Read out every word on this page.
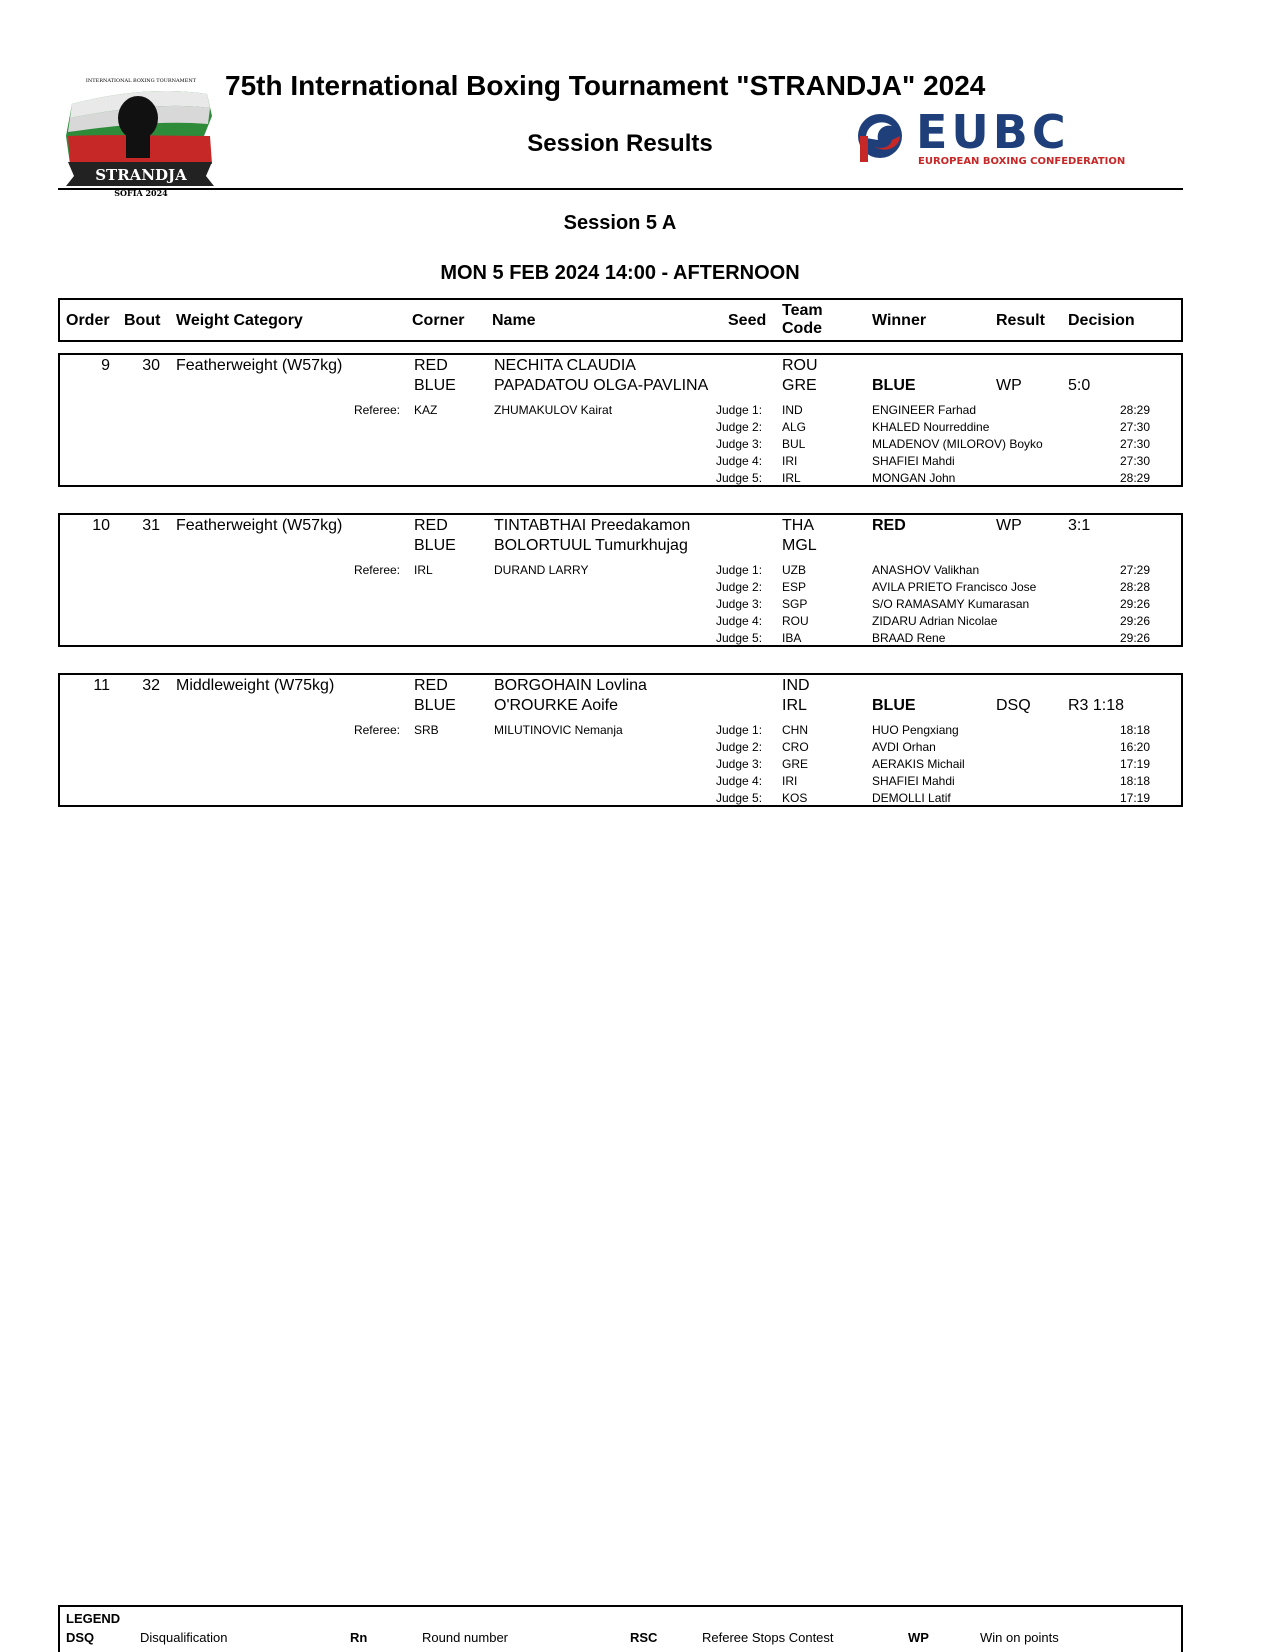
STRANDJA
INTERNATIONAL BOXING TOURNAMENT
SOFIA 2024
75th International Boxing Tournament "STRANDJA" 2024
Session Results	EUBC
EUROPEAN BOXING CONFEDERATION
Session 5 A
MON 5 FEB 2024 14:00 - AFTERNOON
Order Bout Weight Category	Corner Name	Seed
Team
Code	Winner	Result Decision
9	30 Featherweight (W57kg)	RED	NECHITA CLAUDIA	ROU
BLUE PAPADATOU OLGA-PAVLINA	GRE	BLUE	WP	5:0
Referee: KAZ	ZHUMAKULOV Kairat	Judge 1: IND	ENGINEER Farhad	28:29
Judge 2: ALG	KHALED Nourreddine	27:30
Judge 3: BUL	MLADENOV (MILOROV) Boyko	27:30
Judge 4: IRI	SHAFIEI Mahdi	27:30
Judge 5: IRL	MONGAN John	28:29
10	31 Featherweight (W57kg)	RED	TINTABTHAI Preedakamon	THA	RED	WP	3:1
BLUE BOLORTUUL Tumurkhujag	MGL
Referee: IRL	DURAND LARRY	Judge 1: UZB	ANASHOV Valikhan	27:29
Judge 2: ESP	AVILA PRIETO Francisco Jose	28:28
Judge 3: SGP	S/O RAMASAMY Kumarasan	29:26
Judge 4: ROU	ZIDARU Adrian Nicolae	29:26
Judge 5: IBA	BRAAD Rene	29:26
11	32 Middleweight (W75kg)	RED	BORGOHAIN Lovlina	IND
BLUE O'ROURKE Aoife	IRL	BLUE	DSQ R3 1:18
Referee: SRB	MILUTINOVIC Nemanja	Judge 1: CHN	HUO Pengxiang	18:18
Judge 2: CRO	AVDI Orhan	16:20
Judge 3: GRE	AERAKIS Michail	17:19
Judge 4: IRI	SHAFIEI Mahdi	18:18
Judge 5: KOS	DEMOLLI Latif	17:19
LEGEND
DSQ	Disqualification	Rn	Round number	RSC	Referee Stops Contest	WP	Win on points
